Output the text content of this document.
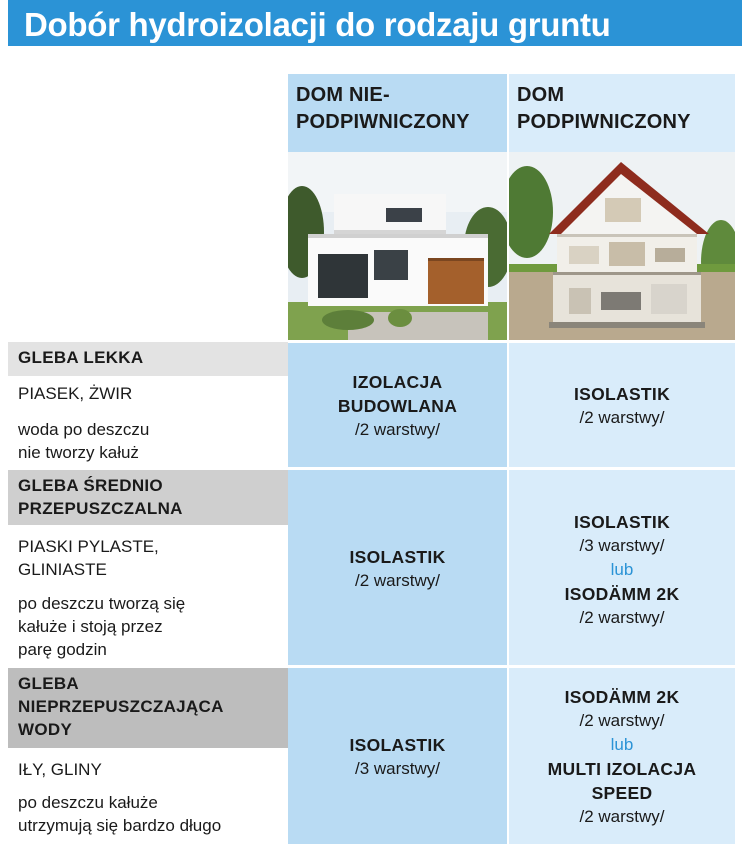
Dobór hydroizolacji do rodzaju gruntu
DOM NIE-
PODPIWNICZONY
DOM
PODPIWNICZONY
GLEBA LEKKA
PIASEK, ŻWIR
woda po deszczu
nie tworzy kałuż
IZOLACJA
BUDOWLANA
/2 warstwy/
ISOLASTIK
/2 warstwy/
GLEBA ŚREDNIO
PRZEPUSZCZALNA
PIASKI PYLASTE,
GLINIASTE
po deszczu tworzą się
kałuże i stoją przez
parę godzin
ISOLASTIK
/2 warstwy/
ISOLASTIK
/3 warstwy/
lub
ISODÄMM 2K
/2 warstwy/
GLEBA
NIEPRZEPUSZCZAJĄCA
WODY
IŁY, GLINY
po deszczu kałuże
utrzymują się bardzo długo
ISOLASTIK
/3 warstwy/
ISODÄMM 2K
/2 warstwy/
lub
MULTI IZOLACJA
SPEED
/2 warstwy/
